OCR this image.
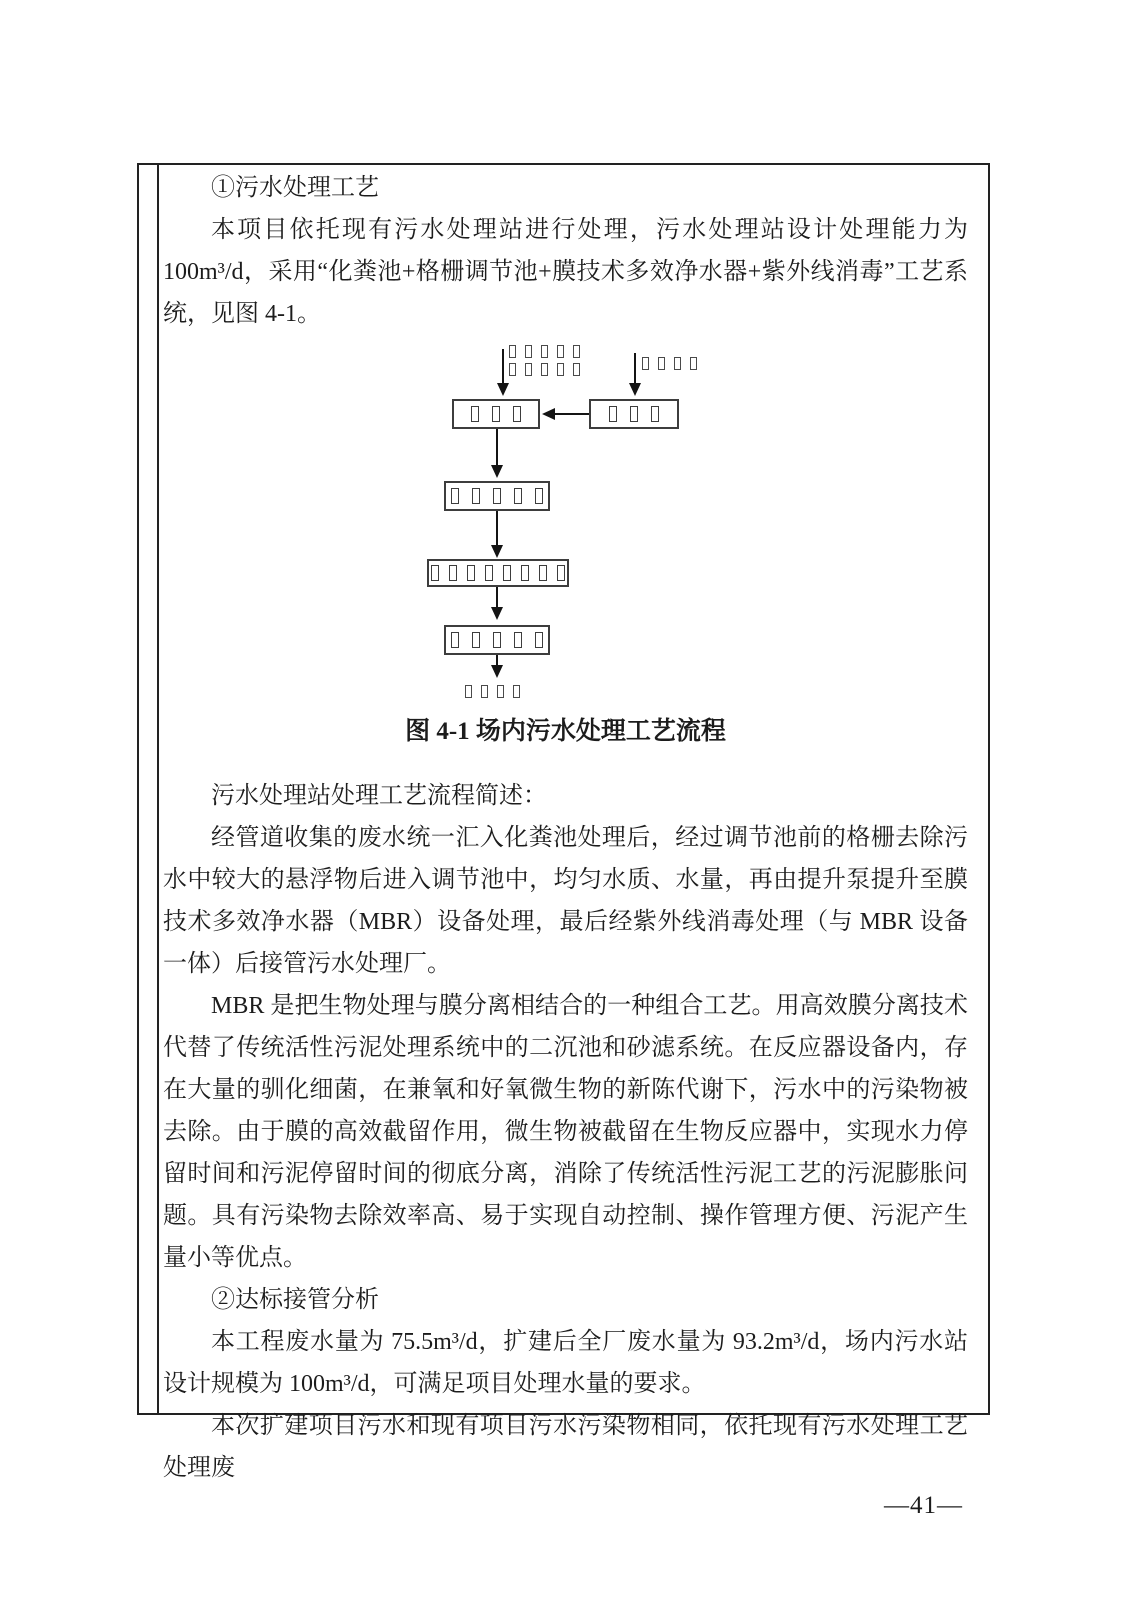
①污水处理工艺

本项目依托现有污水处理站进行处理，污水处理站设计处理能力为 100m³/d，采用“化粪池+格栅调节池+膜技术多效净水器+紫外线消毒”工艺系统，见图 4-1。

图 4-1 场内污水处理工艺流程

污水处理站处理工艺流程简述：

经管道收集的废水统一汇入化粪池处理后，经过调节池前的格栅去除污水中较大的悬浮物后进入调节池中，均匀水质、水量，再由提升泵提升至膜技术多效净水器（MBR）设备处理，最后经紫外线消毒处理（与 MBR 设备一体）后接管污水处理厂。

MBR 是把生物处理与膜分离相结合的一种组合工艺。用高效膜分离技术代替了传统活性污泥处理系统中的二沉池和砂滤系统。在反应器设备内，存在大量的驯化细菌，在兼氧和好氧微生物的新陈代谢下，污水中的污染物被去除。由于膜的高效截留作用，微生物被截留在生物反应器中，实现水力停留时间和污泥停留时间的彻底分离，消除了传统活性污泥工艺的污泥膨胀问题。具有污染物去除效率高、易于实现自动控制、操作管理方便、污泥产生量小等优点。

②达标接管分析

本工程废水量为 75.5m³/d，扩建后全厂废水量为 93.2m³/d，场内污水站设计规模为 100m³/d，可满足项目处理水量的要求。

本次扩建项目污水和现有项目污水污染物相同，依托现有污水处理工艺处理废

—41—
